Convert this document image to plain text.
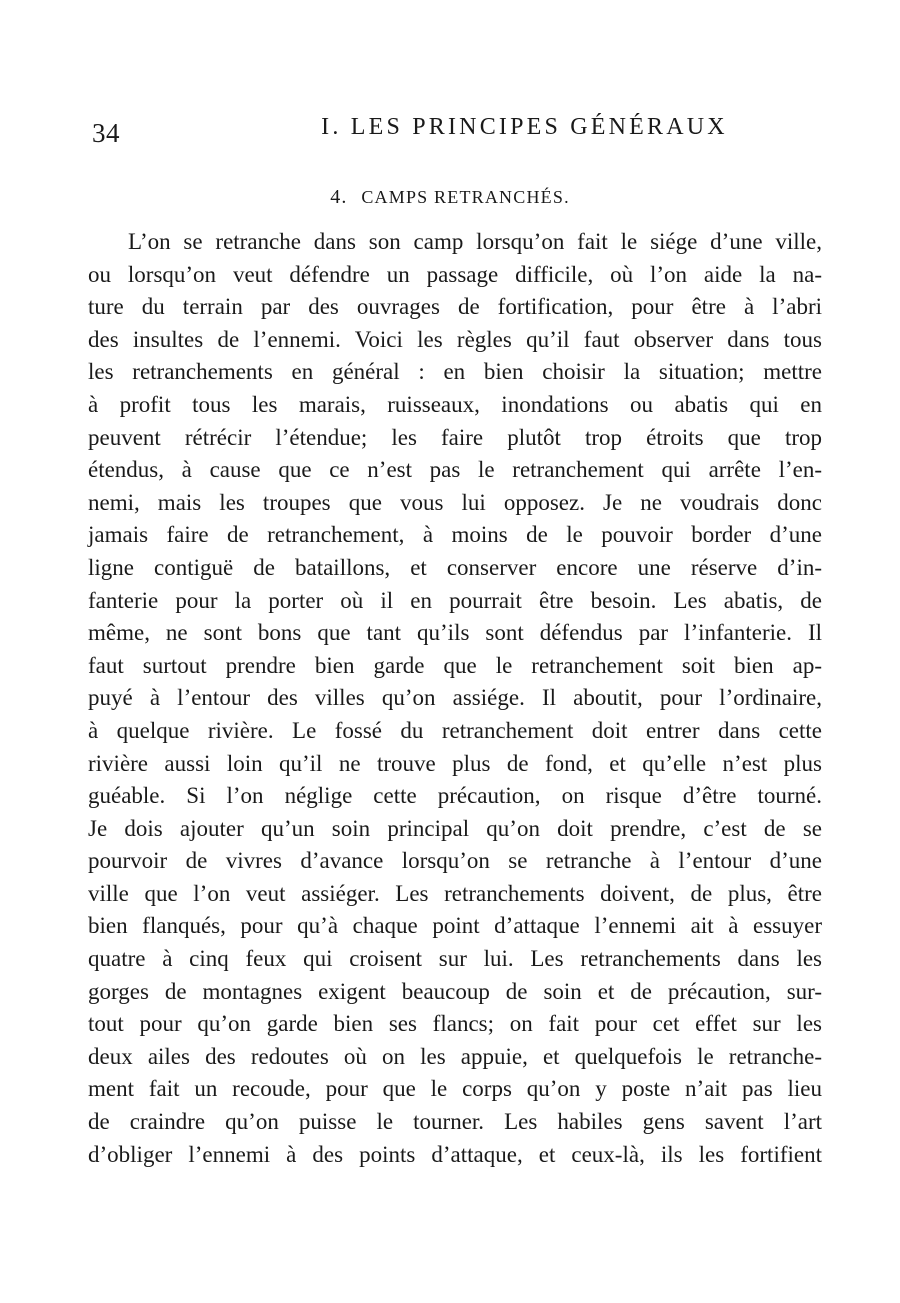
34	I. LES PRINCIPES GÉNÉRAUX
4. CAMPS RETRANCHÉS.
L’on se retranche dans son camp lorsqu’on fait le siége d’une ville,
ou lorsqu’on veut défendre un passage difficile, où l’on aide la na-
ture du terrain par des ouvrages de fortification, pour être à l’abri
des insultes de l’ennemi. Voici les règles qu’il faut observer dans tous
les retranchements en général : en bien choisir la situation; mettre
à profit tous les marais, ruisseaux, inondations ou abatis qui en
peuvent rétrécir l’étendue; les faire plutôt trop étroits que trop
étendus, à cause que ce n’est pas le retranchement qui arrête l’en-
nemi, mais les troupes que vous lui opposez. Je ne voudrais donc
jamais faire de retranchement, à moins de le pouvoir border d’une
ligne contiguë de bataillons, et conserver encore une réserve d’in-
fanterie pour la porter où il en pourrait être besoin. Les abatis, de
même, ne sont bons que tant qu’ils sont défendus par l’infanterie. Il
faut surtout prendre bien garde que le retranchement soit bien ap-
puyé à l’entour des villes qu’on assiége. Il aboutit, pour l’ordinaire,
à quelque rivière. Le fossé du retranchement doit entrer dans cette
rivière aussi loin qu’il ne trouve plus de fond, et qu’elle n’est plus
guéable. Si l’on néglige cette précaution, on risque d’être tourné.
Je dois ajouter qu’un soin principal qu’on doit prendre, c’est de se
pourvoir de vivres d’avance lorsqu’on se retranche à l’entour d’une
ville que l’on veut assiéger. Les retranchements doivent, de plus, être
bien flanqués, pour qu’à chaque point d’attaque l’ennemi ait à essuyer
quatre à cinq feux qui croisent sur lui. Les retranchements dans les
gorges de montagnes exigent beaucoup de soin et de précaution, sur-
tout pour qu’on garde bien ses flancs; on fait pour cet effet sur les
deux ailes des redoutes où on les appuie, et quelquefois le retranche-
ment fait un recoude, pour que le corps qu’on y poste n’ait pas lieu
de craindre qu’on puisse le tourner. Les habiles gens savent l’art
d’obliger l’ennemi à des points d’attaque, et ceux-là, ils les fortifient
